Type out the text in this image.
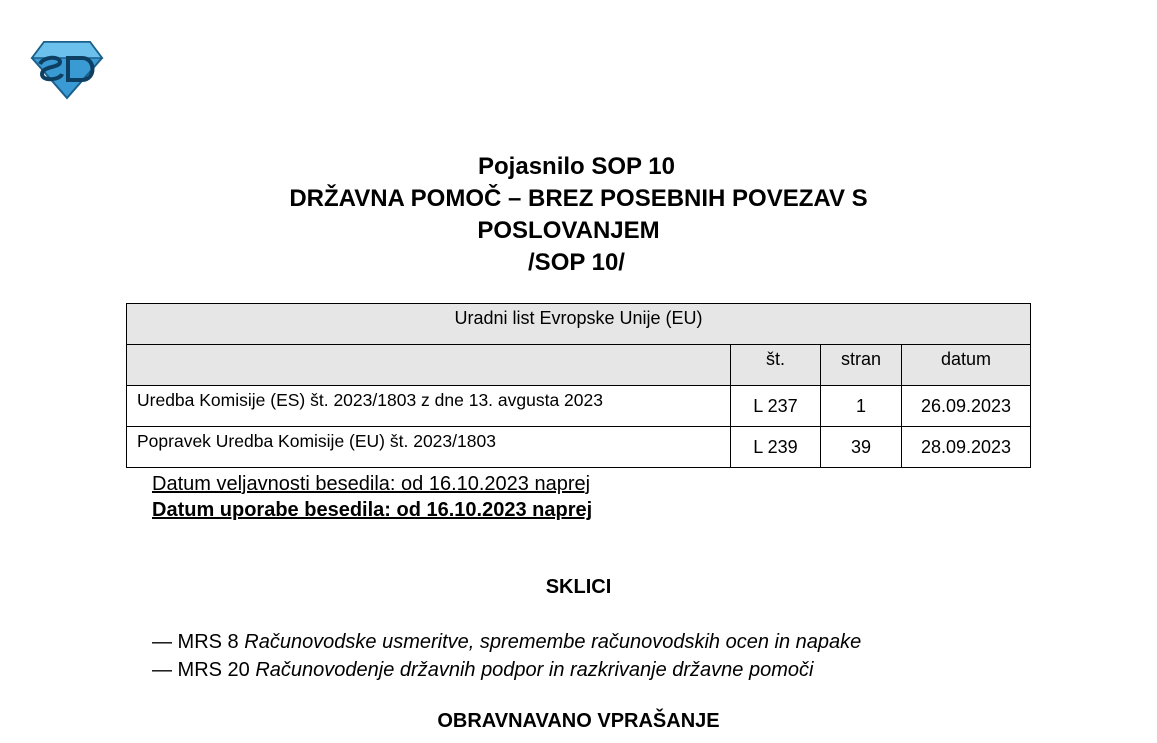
Pojasnilo SOP 10
DRŽAVNA POMOČ – BREZ POSEBNIH POVEZAV S
POSLOVANJEM
/SOP 10/
Uradni list Evropske Unije (EU)			
	št.	stran	datum
Uredba Komisije (ES) št. 2023/1803 z dne 13. avgusta 2023	L 237	1	26.09.2023
Popravek Uredba Komisije (EU) št. 2023/1803	L 239	39	28.09.2023
Datum veljavnosti besedila: od 16.10.2023 naprej
Datum uporabe besedila: od 16.10.2023 naprej
SKLICI
— MRS 8 Računovodske usmeritve, spremembe računovodskih ocen in napake
— MRS 20 Računovodenje državnih podpor in razkrivanje državne pomoči
OBRAVNAVANO VPRAŠANJE
